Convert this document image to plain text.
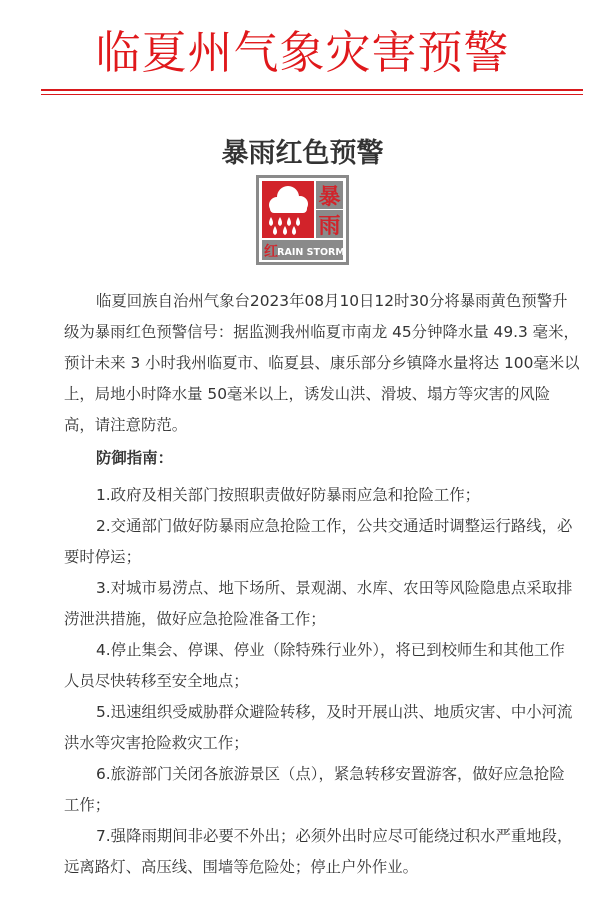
临夏州气象灾害预警
暴雨红色预警
暴
雨
红 RAIN STORM

临夏回族自治州气象台2023年08月10日12时30分将暴雨黄色预警升级为暴雨红色预警信号：据监测我州临夏市南龙 45分钟降水量 49.3 毫米，预计未来 3 小时我州临夏市、临夏县、康乐部分乡镇降水量将达 100毫米以上，局地小时降水量 50毫米以上，诱发山洪、滑坡、塌方等灾害的风险高，请注意防范。

防御指南：

1.政府及相关部门按照职责做好防暴雨应急和抢险工作；

2.交通部门做好防暴雨应急抢险工作，公共交通适时调整运行路线，必要时停运；

3.对城市易涝点、地下场所、景观湖、水库、农田等风险隐患点采取排涝泄洪措施，做好应急抢险准备工作；

4.停止集会、停课、停业（除特殊行业外），将已到校师生和其他工作人员尽快转移至安全地点；

5.迅速组织受威胁群众避险转移，及时开展山洪、地质灾害、中小河流洪水等灾害抢险救灾工作；

6.旅游部门关闭各旅游景区（点），紧急转移安置游客，做好应急抢险工作；

7.强降雨期间非必要不外出；必须外出时应尽可能绕过积水严重地段，远离路灯、高压线、围墙等危险处；停止户外作业。
